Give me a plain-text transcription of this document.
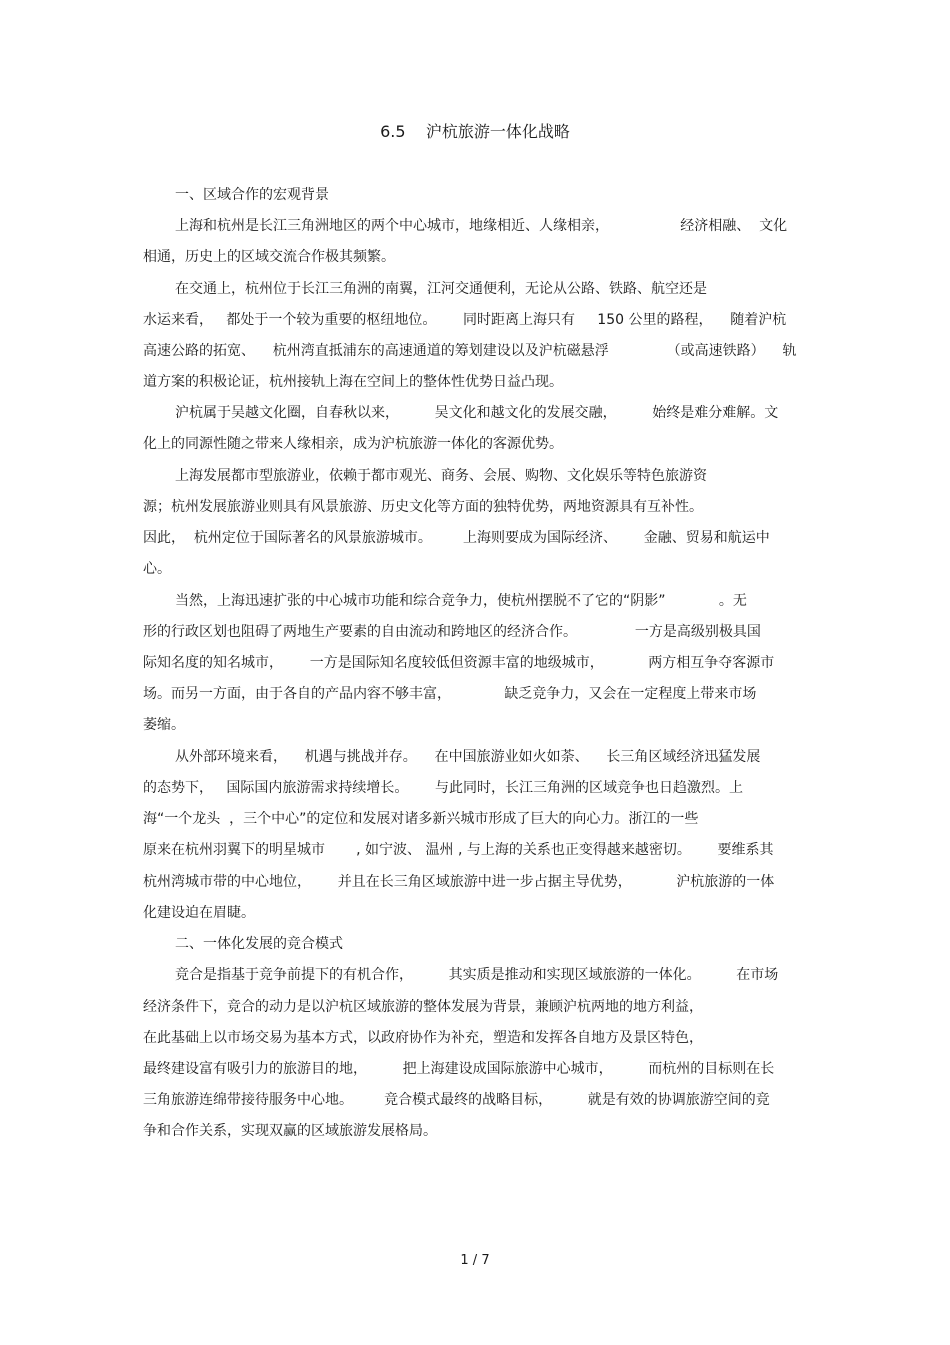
6.5    沪杭旅游一体化战略
一、区域合作的宏观背景
上海和杭州是长江三角洲地区的两个中心城市，地缘相近、人缘相亲，                经济相融、  文化
相通，历史上的区域交流合作极其频繁。
在交通上，杭州位于长江三角洲的南翼，江河交通便利，无论从公路、铁路、航空还是
水运来看，   都处于一个较为重要的枢纽地位。      同时距离上海只有     150 公里的路程，    随着沪杭
高速公路的拓宽、    杭州湾直抵浦东的高速通道的筹划建设以及沪杭磁悬浮             （或高速铁路）    轨
道方案的积极论证，杭州接轨上海在空间上的整体性优势日益凸现。
沪杭属于吴越文化圈，自春秋以来，        吴文化和越文化的发展交融，        始终是难分难解。文
化上的同源性随之带来人缘相亲，成为沪杭旅游一体化的客源优势。
上海发展都市型旅游业，依赖于都市观光、商务、会展、购物、文化娱乐等特色旅游资
源；杭州发展旅游业则具有风景旅游、历史文化等方面的独特优势，两地资源具有互补性。
因此，  杭州定位于国际著名的风景旅游城市。       上海则要成为国际经济、      金融、贸易和航运中
心。
当然，上海迅速扩张的中心城市功能和综合竞争力，使杭州摆脱不了它的“阴影”            。无
形的行政区划也阻碍了两地生产要素的自由流动和跨地区的经济合作。             一方是高级别极具国
际知名度的知名城市，      一方是国际知名度较低但资源丰富的地级城市，          两方相互争夺客源市
场。而另一方面，由于各自的产品内容不够丰富，            缺乏竞争力，又会在一定程度上带来市场
萎缩。
从外部环境来看，    机遇与挑战并存。    在中国旅游业如火如荼、    长三角区域经济迅猛发展
的态势下，   国际国内旅游需求持续增长。      与此同时，长江三角洲的区域竞争也日趋激烈。上
海“一个龙头  ，三个中心”的定位和发展对诸多新兴城市形成了巨大的向心力。浙江的一些
原来在杭州羽翼下的明星城市       , 如宁波、 温州 , 与上海的关系也正变得越来越密切。      要维系其
杭州湾城市带的中心地位，      并且在长三角区域旅游中进一步占据主导优势，          沪杭旅游的一体
化建设迫在眉睫。
二、一体化发展的竞合模式
竞合是指基于竞争前提下的有机合作，        其实质是推动和实现区域旅游的一体化。        在市场
经济条件下，竞合的动力是以沪杭区域旅游的整体发展为背景，兼顾沪杭两地的地方利益，
在此基础上以市场交易为基本方式，以政府协作为补充，塑造和发挥各自地方及景区特色，
最终建设富有吸引力的旅游目的地，        把上海建设成国际旅游中心城市，        而杭州的目标则在长
三角旅游连绵带接待服务中心地。       竞合模式最终的战略目标，        就是有效的协调旅游空间的竞
争和合作关系，实现双赢的区域旅游发展格局。
1 / 7
